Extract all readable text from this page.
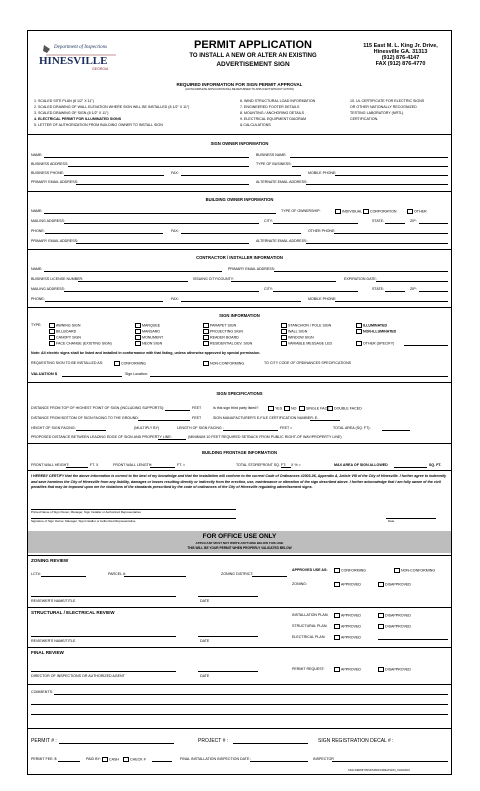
Department of Inspections
HINESVILLE
GEORGIA
PERMIT APPLICATION
TO INSTALL A NEW OR ALTER AN EXISTING
ADVERTISEMENT SIGN
115 East M. L. King Jr. Drive,
Hinesville GA. 31313
(912) 876-4147
FAX (912) 876-4770
REQUIRED INFORMATION FOR SIGN PERMIT APPROVAL
(AN INCOMPLETE APPLICATION WILL BE RETURNED TO APPLICANT WITHOUT ACTION)
1. SCALED SITE PLAN (8 1/2" X 11")
2. SCALED DRAWING OF WALL ELEVATION WHERE SIGN WILL BE INSTALLED (8 1/2" X 11")
3. SCALED DRAWING OF SIGN (8 1/2" X 11")
4. ELECTRICAL PERMIT FOR ILLUMINATED SIGNS
5. LETTER OF AUTHORIZATION FROM BUILDING OWNER TO INSTALL SIGN
6. WIND STRUCTURAL LOAD INFORMATION
7. ENGINEERED FOOTER DETAILS
8. MOUNTING / ANCHORING DETAILS
9. ELECTRICAL EQUIPMENT DIAGRAM
& CALCULATIONS
10. UL CERTIFICATE FOR ELECTRIC SIGNS
OR OTHER NATIONALLY RECOGNIZED
TESTING LABORATORY (NRTL)
CERTIFICATION.
SIGN OWNER INFORMATION
NAME:	BUSINESS NAME:
BUSINESS ADDRESS:	TYPE OF BUSINESS:
BUSINESS PHONE:	FAX:	MOBILE PHONE:
PRIMARY EMAIL ADDRESS:	ALTERNATE EMAIL ADDRESS:
BUILDING OWNER INFORMATION
NAME:	TYPE OF OWNERSHIP:	INDIVIDUAL	CORPORATION	OTHER
MAILING ADDRESS:	CITY:	STATE:	ZIP:
PHONE:	FAX:	OTHER PHONE:
PRIMARY EMAIL ADDRESS:	ALTERNATE EMAIL ADDRESS:
CONTRACTOR / INSTALLER INFORMATION
NAME:	PRIMARY EMAIL ADDRESS:
BUSINESS LICENSE NUMBER:	ISSUING CITY/COUNTY:	EXPIRATION DATE:
MAILING ADDRESS:	CITY:	STATE:	ZIP:
PHONE:	FAX:	MOBILE PHONE:
SIGN INFORMATION
TYPE:	AWNING SIGN
BILLBOARD
CANOPY SIGN
FACE CHANGE (EXISTING SIGN)
MARQUEE
MANSARD
MONUMENT
NEON SIGN
PARAPET SIGN
PROJECTING SIGN
READER BOARD
RESIDENTIAL DEV. SIGN
STANCHION / POLE SIGN
WALL SIGN
WINDOW SIGN
VARIABLE MESSAGE LED
ILLUMINATED
NON-ILLUMINATED
OTHER (SPECIFY)
Note: All electric signs shall be listed and installed in conformance with that listing, unless otherwise approved by special permission.
REQUESTING SIGN TO BE INSTALLED AS:	CONFORMING	NON-CONFORMING	TO CITY CODE OF ORDINANCES SPECIFICATIONS
VALUATION $	Sign Location:
SIGN SPECIFICATIONS
DISTANCE FROM TOP OF HIGHEST POINT OF SIGN (INCLUDING SUPPORTS):	FEET	Is this sign third party listed?	YES	NO	SINGLE FACE	DOUBLE FACED
DISTANCE FROM BOTTOM OF SIGN FACING TO THE GROUND:	FEET	SIGN MANUFACTURER'S E-FILE CERTIFICATION NUMBER: E-
HEIGHT OF SIGN FACING:	(MULTIPLY BY)	LENGTH OF SIGN FACING :	FEET =	TOTAL AREA (SQ. FT):
PROPOSED DISTANCE BETWEEN LEADING EDGE OF SIGN AND PROPERTY LINE:	(MINIMUM 10 FEET REQUIRED SETBACK FROM PUBLIC RIGHT-OF WAY/PROPERTY LINE)
BUILDING FRONTAGE INFORMATION
FRONT WALL HEIGHT:	FT. X	FRONT WALL LENGTH:	FT. =	TOTAL STOREFRONT SQ. FT: X % =	MAX AREA OF SIGN ALLOWED	SQ. FT.
I HEREBY CERTIFY that the above information is correct to the best of my knowledge and that the installation will conform to the current Code of Ordinances #2003-06, Appendix A, Article VIII of the City of Hinesville. I further agree to indemnify and save harmless the City of Hinesville from any liability, damages or losses resulting directly or indirectly from the erection, use, maintenance or alteration of the sign described above. I further acknowledge that I am fully aware of the civil penalties that may be imposed upon me for violations of the standards prescribed by the code of ordinances of the City of Hinesville regulating advertisement signs.
Printed Name of Sign Owner, Manager, Sign Installer or Authorized Representative
Signature of Sign Owner, Manager, Sign Installer or Authorized Representative	Date
FOR OFFICE USE ONLY
APPLICANT MUST NOT WRITE ANYTHING BELOW THIS LINE
THIS WILL BE YOUR PERMIT WHEN PROPERLY VALIDATED BELOW
ZONING REVIEW
LCT#:	PARCEL #:	ZONING DISTRICT:
APPROVED USE AS:	CONFORMING	NON-CONFORMING
ZONING:	APPROVED	DISAPPROVED
REVIEWER'S NAME/TITLE	DATE
STRUCTURAL / ELECTRICAL REVIEW	INSTALLATION PLAN:	APPROVED	DISAPPROVED
STRUCTURAL PLAN:	APPROVED	DISAPPROVED
ELECTRICAL PLAN:	APPROVED
REVIEWER'S NAME/TITLE	DATE
FINAL REVIEW
PERMIT REQUEST:	APPROVED	DISAPPROVED
DIRECTOR OF INSPECTIONS OR AUTHORIZED AGENT	DATE
COMMENTS:
PERMIT # :	PROJECT # :	SIGN REGISTRATION DECAL # :
PERMIT FEE: $	PAID BY:	CASH	CHECK #	FINAL INSTALLATION INSPECTION DATE :	INSPECTOR
SIGN PERMIT/INSP/UB/DON/REVISION_01/20/2016
